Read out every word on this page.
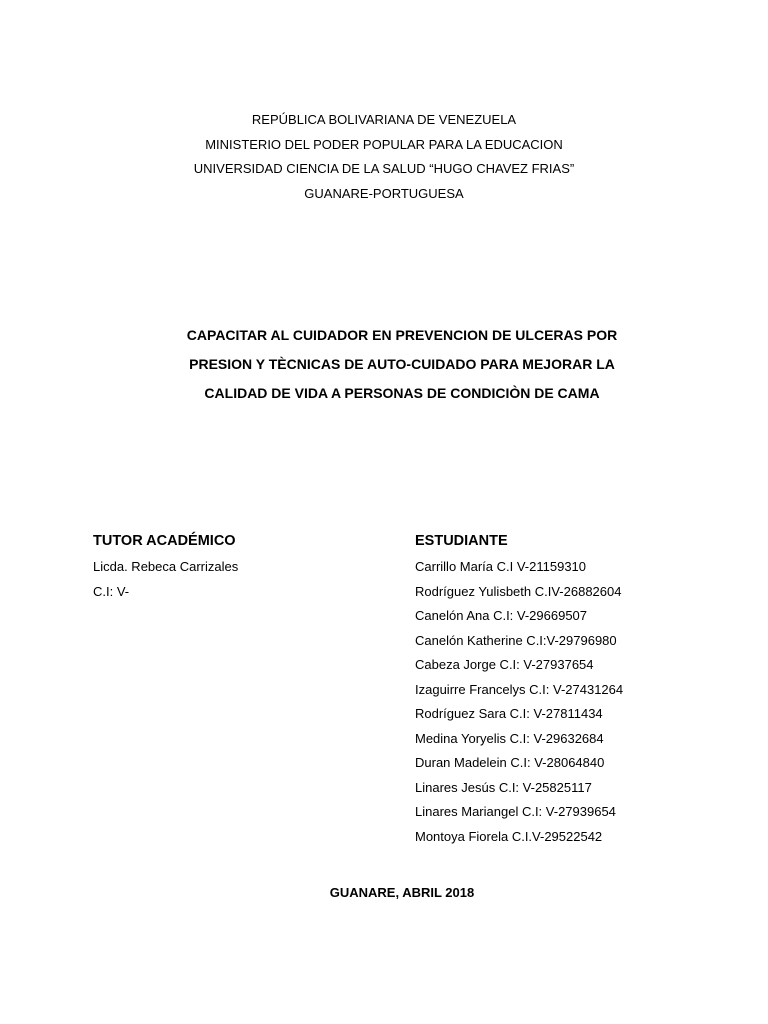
REPÚBLICA BOLIVARIANA DE VENEZUELA
MINISTERIO DEL PODER POPULAR PARA LA EDUCACION
UNIVERSIDAD CIENCIA DE LA SALUD “HUGO CHAVEZ FRIAS”
GUANARE-PORTUGUESA
CAPACITAR AL CUIDADOR EN PREVENCION DE ULCERAS POR
PRESION Y TÈCNICAS DE AUTO-CUIDADO PARA MEJORAR LA
CALIDAD DE VIDA A PERSONAS DE CONDICIÒN DE CAMA
TUTOR ACADÉMICO
Licda. Rebeca Carrizales
C.I: V-
ESTUDIANTE
Carrillo María C.I V-21159310
Rodríguez Yulisbeth C.IV-26882604
Canelón Ana C.I: V-29669507
Canelón Katherine C.I:V-29796980
Cabeza Jorge C.I: V-27937654
Izaguirre Francelys C.I: V-27431264
Rodríguez Sara C.I: V-27811434
Medina Yoryelis C.I: V-29632684
Duran Madelein C.I: V-28064840
Linares Jesús C.I: V-25825117
Linares Mariangel C.I: V-27939654
Montoya Fiorela C.I.V-29522542
GUANARE, ABRIL 2018
